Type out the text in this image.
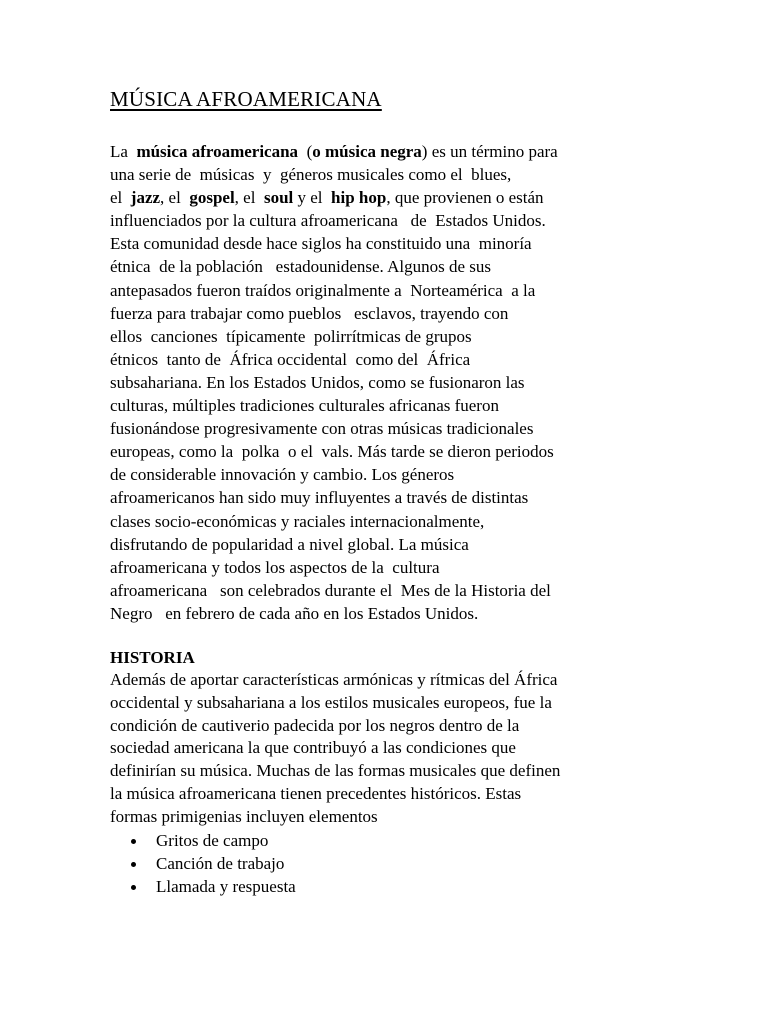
MÚSICA AFROAMERICANA
La  música afroamericana  (o música negra) es un término para
una serie de  músicas  y  géneros musicales como el  blues,
el  jazz, el  gospel, el  soul y el  hip hop, que provienen o están
influenciados por la cultura afroamericana   de  Estados Unidos.
Esta comunidad desde hace siglos ha constituido una  minoría
étnica  de la población   estadounidense. Algunos de sus
antepasados fueron traídos originalmente a  Norteamérica  a la
fuerza para trabajar como pueblos   esclavos, trayendo con
ellos  canciones  típicamente  polirrítmicas de grupos
étnicos  tanto de  África occidental  como del  África
subsahariana. En los Estados Unidos, como se fusionaron las
culturas, múltiples tradiciones culturales africanas fueron
fusionándose progresivamente con otras músicas tradicionales
europeas, como la  polka  o el  vals. Más tarde se dieron periodos
de considerable innovación y cambio. Los géneros
afroamericanos han sido muy influyentes a través de distintas
clases socio-económicas y raciales internacionalmente,
disfrutando de popularidad a nivel global. La música
afroamericana y todos los aspectos de la  cultura
afroamericana   son celebrados durante el  Mes de la Historia del
Negro   en febrero de cada año en los Estados Unidos.
HISTORIA
Además de aportar características armónicas y rítmicas del África
occidental y subsahariana a los estilos musicales europeos, fue la
condición de cautiverio padecida por los negros dentro de la
sociedad americana la que contribuyó a las condiciones que
definirían su música. Muchas de las formas musicales que definen
la música afroamericana tienen precedentes históricos. Estas
formas primigenias incluyen elementos
Gritos de campo
Canción de trabajo
Llamada y respuesta
